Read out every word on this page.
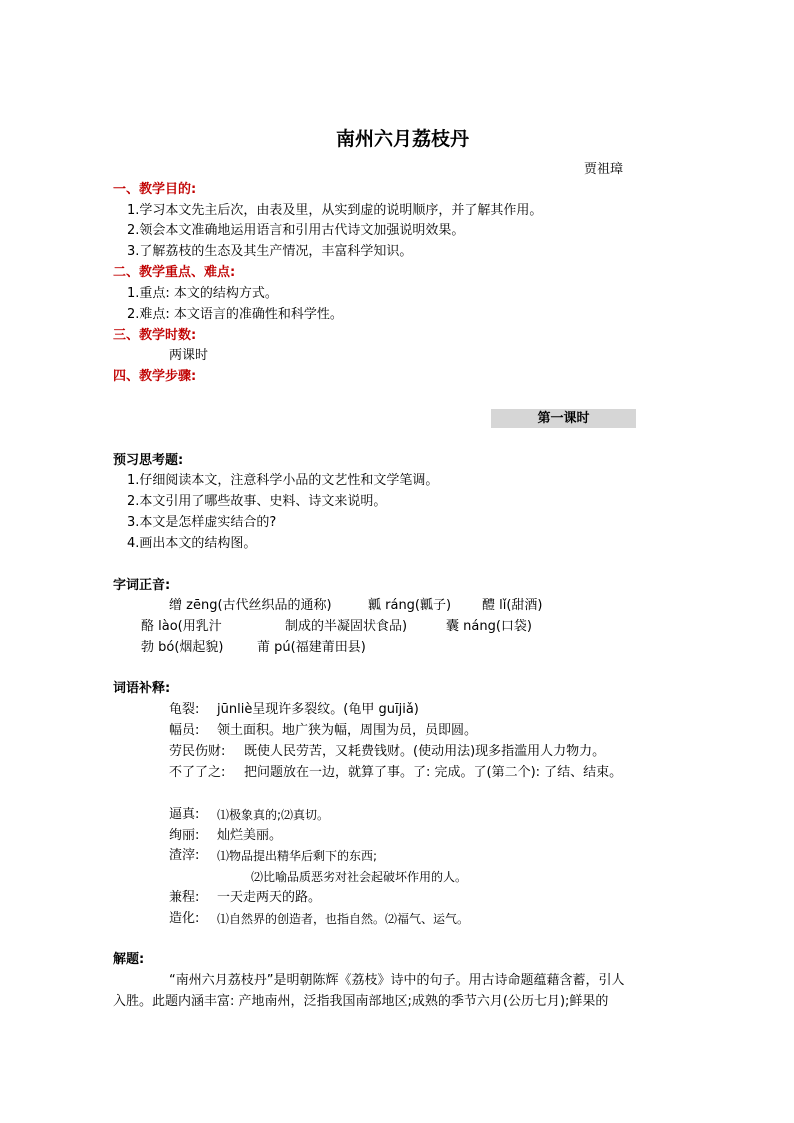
南州六月荔枝丹
贾祖璋
一、教学目的:
1.学习本文先主后次，由表及里，从实到虚的说明顺序，并了解其作用。
2.领会本文准确地运用语言和引用古代诗文加强说明效果。
3.了解荔枝的生态及其生产情况，丰富科学知识。
二、教学重点、难点:
1.重点: 本文的结构方式。
2.难点: 本文语言的准确性和科学性。
三、教学时数:
两课时
四、教学步骤:
第一课时
预习思考题:
1.仔细阅读本文，注意科学小品的文艺性和文学笔调。
2.本文引用了哪些故事、史料、诗文来说明。
3.本文是怎样虚实结合的?
4.画出本文的结构图。
字词正音:
缯 zēng(古代丝织品的通称)	瓤 ráng(瓤子) 醴 lǐ(甜酒)
酪 lào(用乳汁	制成的半凝固状食品)	囊 náng(口袋)
勃 bó(烟起貌)	莆 pú(福建莆田县)
词语补释:
龟裂: jūnliè呈现许多裂纹。(龟甲 guījiǎ)
幅员: 领土面积。地广狭为幅，周围为员，员即圆。
劳民伤财: 既使人民劳苦，又耗费钱财。(使动用法)现多指滥用人力物力。
不了了之: 把问题放在一边，就算了事。了: 完成。了(第二个): 了结、结束。
逼真: ⑴极象真的;⑵真切。
绚丽: 灿烂美丽。
渣滓: ⑴物品提出精华后剩下的东西;
⑵比喻品质恶劣对社会起破坏作用的人。
兼程: 一天走两天的路。
造化: ⑴自然界的创造者，也指自然。⑵福气、运气。
解题:
“南州六月荔枝丹”是明朝陈辉《荔枝》诗中的句子。用古诗命题蕴藉含蓄，引人
入胜。此题内涵丰富: 产地南州，泛指我国南部地区;成熟的季节六月(公历七月);鲜果的
